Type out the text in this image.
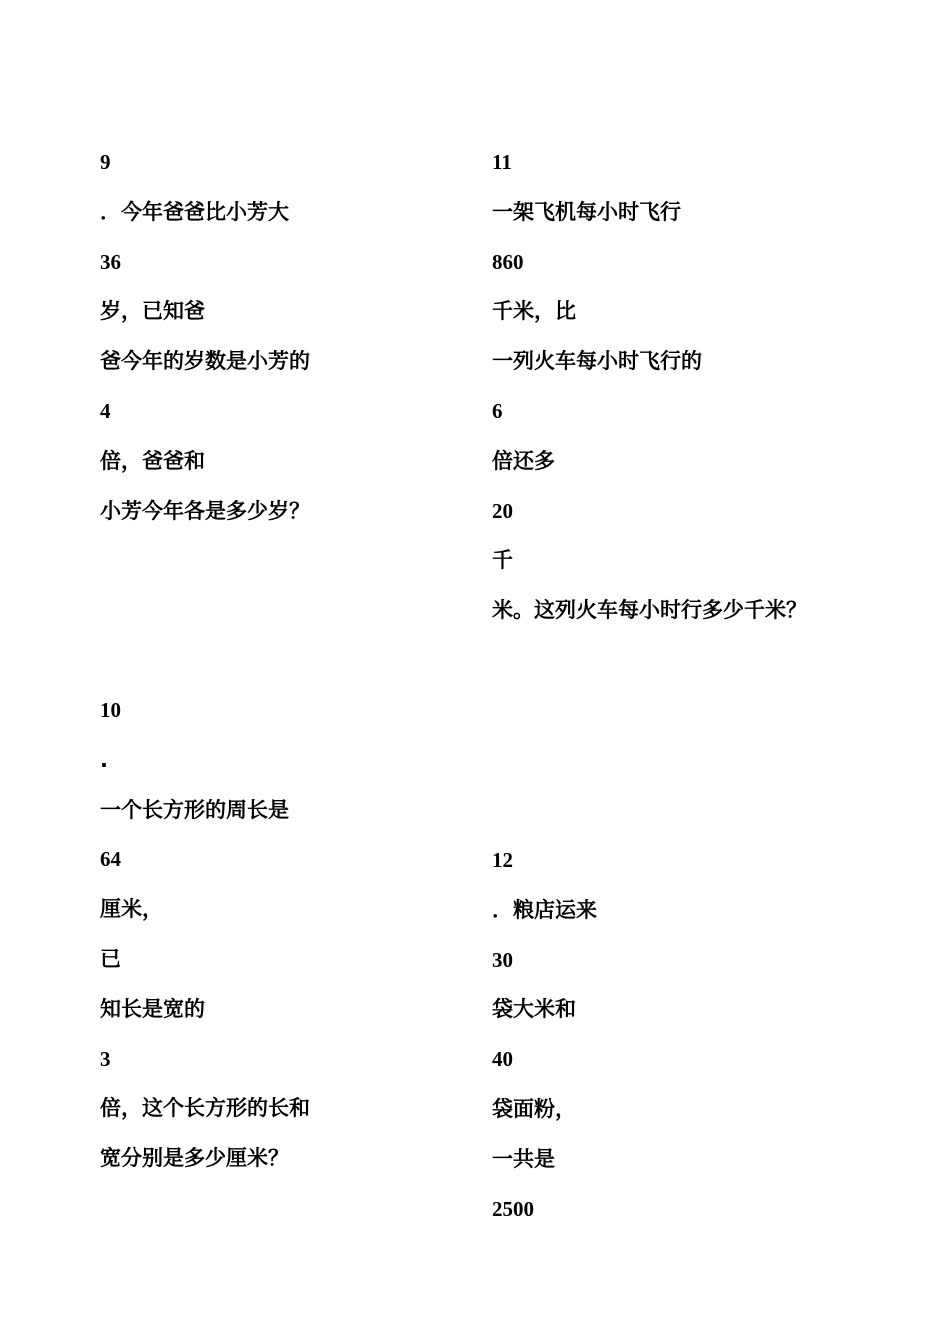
9
．今年爸爸比小芳大
36
岁，已知爸
爸今年的岁数是小芳的
4
倍，爸爸和
小芳今年各是多少岁？
11
一架飞机每小时飞行
860
千米，比
一列火车每小时飞行的
6
倍还多
20
千
米。这列火车每小时行多少千米？
10
.
一个长方形的周长是
64
厘米，
已
知长是宽的
3
倍，这个长方形的长和
宽分别是多少厘米？
12
．粮店运来
30
袋大米和
40
袋面粉，
一共是
2500
